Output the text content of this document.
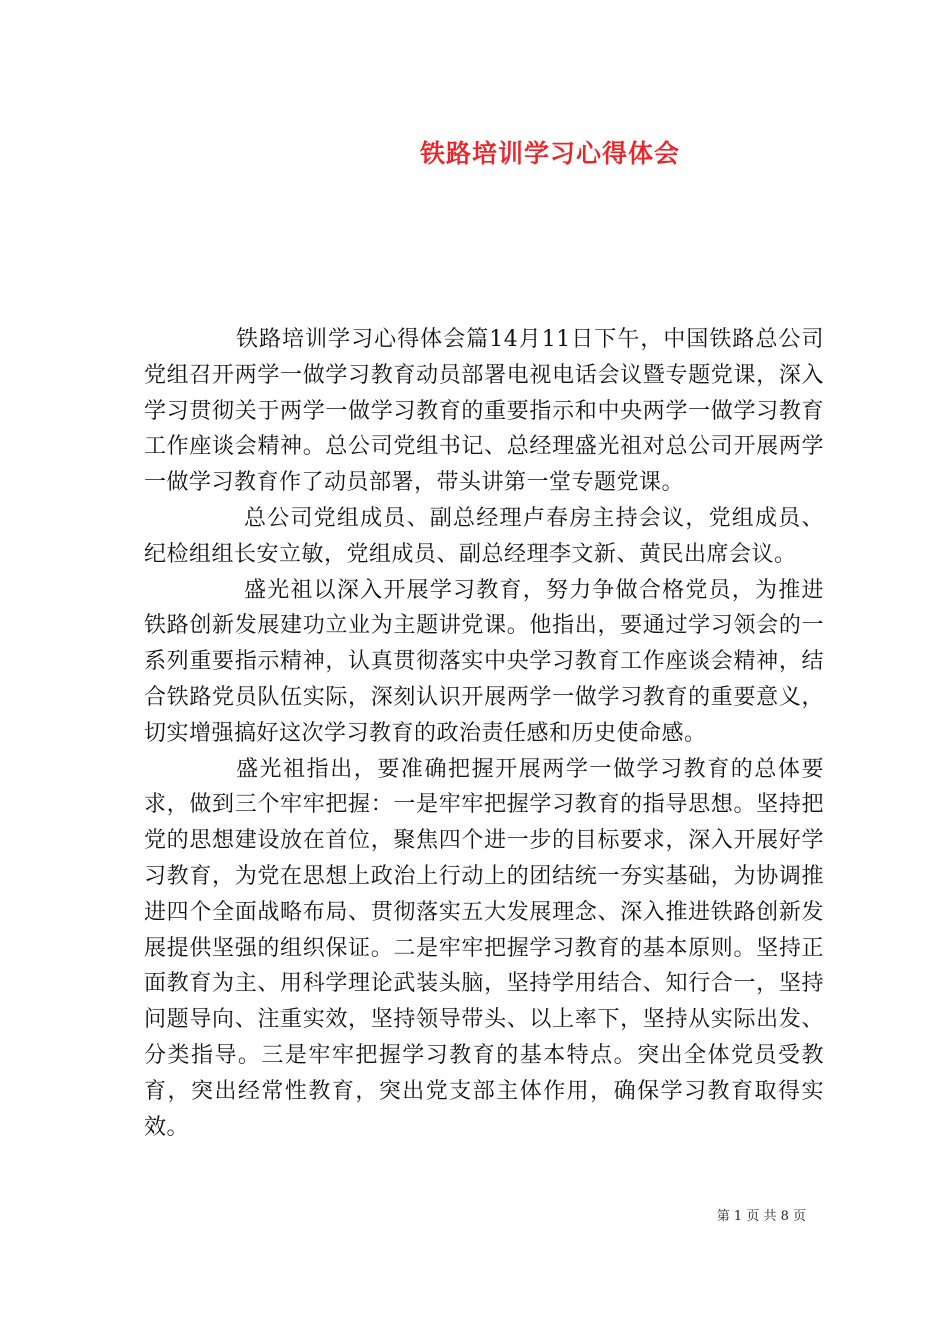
铁路培训学习心得体会

铁路培训学习心得体会篇14月11日下午，中国铁路总公司党组召开两学一做学习教育动员部署电视电话会议暨专题党课，深入学习贯彻关于两学一做学习教育的重要指示和中央两学一做学习教育工作座谈会精神。总公司党组书记、总经理盛光祖对总公司开展两学一做学习教育作了动员部署，带头讲第一堂专题党课。

总公司党组成员、副总经理卢春房主持会议，党组成员、纪检组组长安立敏，党组成员、副总经理李文新、黄民出席会议。

盛光祖以深入开展学习教育，努力争做合格党员，为推进铁路创新发展建功立业为主题讲党课。他指出，要通过学习领会的一系列重要指示精神，认真贯彻落实中央学习教育工作座谈会精神，结合铁路党员队伍实际，深刻认识开展两学一做学习教育的重要意义，切实增强搞好这次学习教育的政治责任感和历史使命感。

盛光祖指出，要准确把握开展两学一做学习教育的总体要求，做到三个牢牢把握：一是牢牢把握学习教育的指导思想。坚持把党的思想建设放在首位，聚焦四个进一步的目标要求，深入开展好学习教育，为党在思想上政治上行动上的团结统一夯实基础，为协调推进四个全面战略布局、贯彻落实五大发展理念、深入推进铁路创新发展提供坚强的组织保证。二是牢牢把握学习教育的基本原则。坚持正面教育为主、用科学理论武装头脑，坚持学用结合、知行合一，坚持问题导向、注重实效，坚持领导带头、以上率下，坚持从实际出发、分类指导。三是牢牢把握学习教育的基本特点。突出全体党员受教育，突出经常性教育，突出党支部主体作用，确保学习教育取得实效。

第 1 页 共 8 页
